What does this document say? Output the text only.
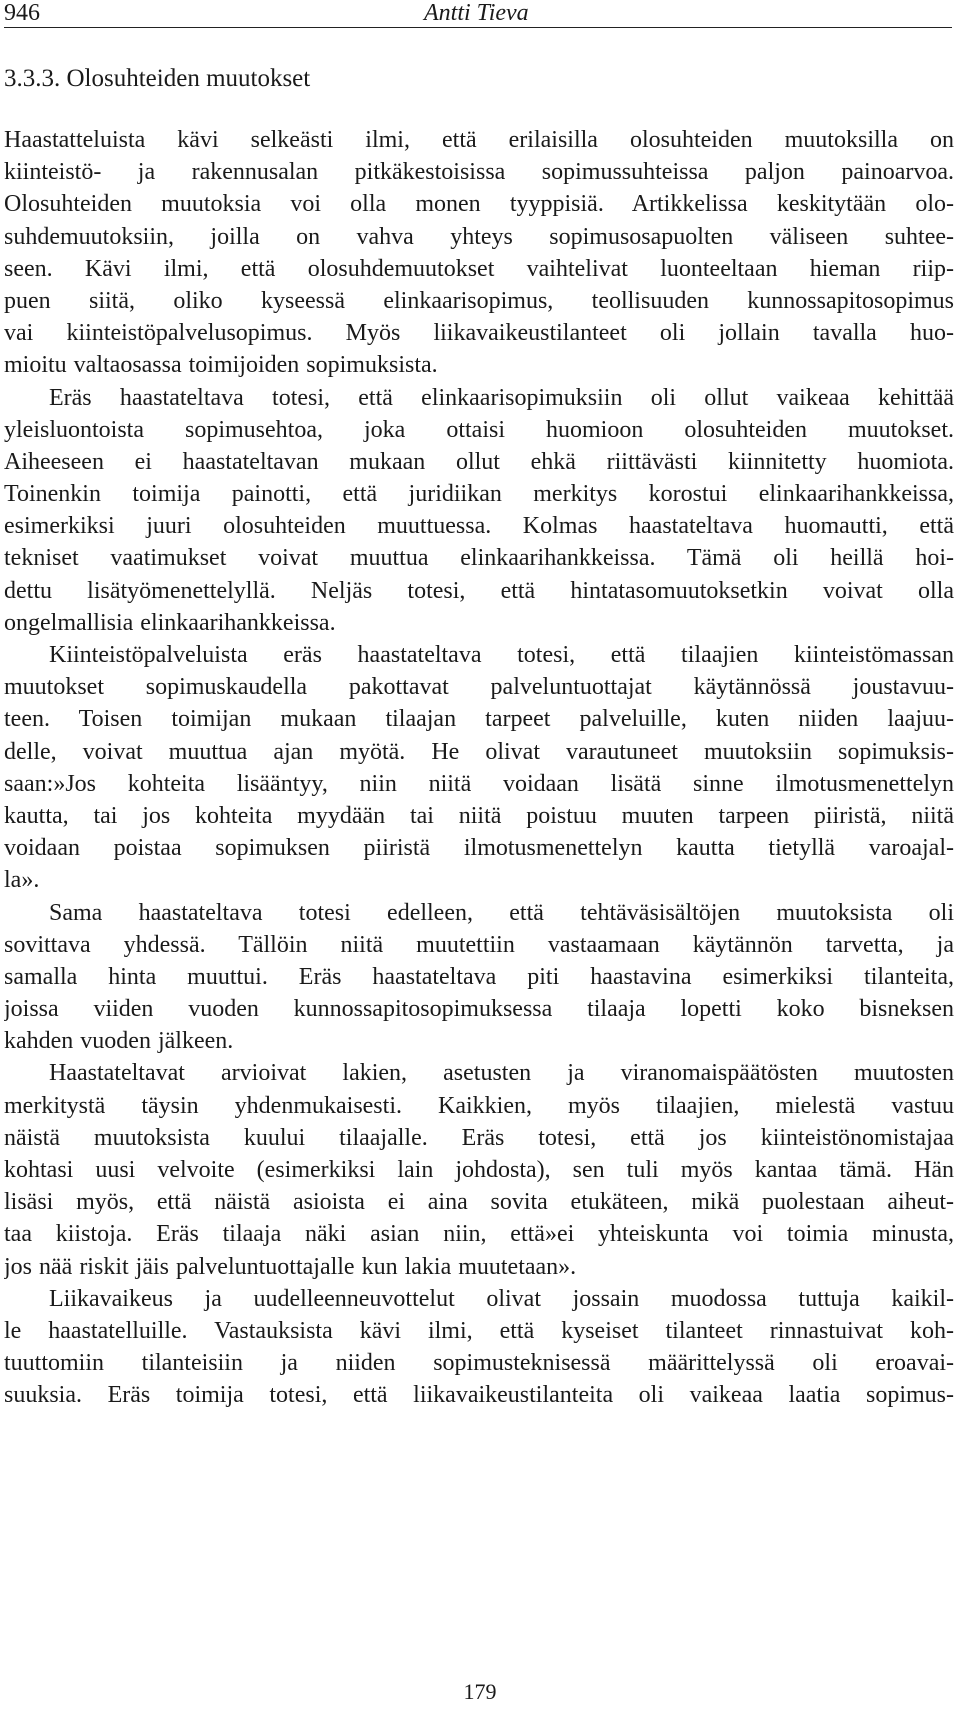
946	Antti Tieva
3.3.3. Olosuhteiden muutokset
Haastatteluista kävi selkeästi ilmi, että erilaisilla olosuhteiden muutoksilla on
kiinteistö- ja rakennusalan pitkäkestoisissa sopimussuhteissa paljon painoarvoa.
Olosuhteiden muutoksia voi olla monen tyyppisiä. Artikkelissa keskitytään olo-
suhdemuutoksiin, joilla on vahva yhteys sopimusosapuolten väliseen suhtee-
seen. Kävi ilmi, että olosuhdemuutokset vaihtelivat luonteeltaan hieman riip-
puen siitä, oliko kyseessä elinkaarisopimus, teollisuuden kunnossapitosopimus
vai kiinteistöpalvelusopimus. Myös liikavaikeustilanteet oli jollain tavalla huo-
mioitu valtaosassa toimijoiden sopimuksista.
Eräs haastateltava totesi, että elinkaarisopimuksiin oli ollut vaikeaa kehittää
yleisluontoista sopimusehtoa, joka ottaisi huomioon olosuhteiden muutokset.
Aiheeseen ei haastateltavan mukaan ollut ehkä riittävästi kiinnitetty huomiota.
Toinenkin toimija painotti, että juridiikan merkitys korostui elinkaarihankkeissa,
esimerkiksi juuri olosuhteiden muuttuessa. Kolmas haastateltava huomautti, että
tekniset vaatimukset voivat muuttua elinkaarihankkeissa. Tämä oli heillä hoi-
dettu lisätyömenettelyllä. Neljäs totesi, että hintatasomuutoksetkin voivat olla
ongelmallisia elinkaarihankkeissa.
Kiinteistöpalveluista eräs haastateltava totesi, että tilaajien kiinteistömassan
muutokset sopimuskaudella pakottavat palveluntuottajat käytännössä joustavuu-
teen. Toisen toimijan mukaan tilaajan tarpeet palveluille, kuten niiden laajuu-
delle, voivat muuttua ajan myötä. He olivat varautuneet muutoksiin sopimuksis-
saan:»Jos kohteita lisääntyy, niin niitä voidaan lisätä sinne ilmotusmenettelyn
kautta, tai jos kohteita myydään tai niitä poistuu muuten tarpeen piiristä, niitä
voidaan poistaa sopimuksen piiristä ilmotusmenettelyn kautta tietyllä varoajal-
la».
Sama haastateltava totesi edelleen, että tehtäväsisältöjen muutoksista oli
sovittava yhdessä. Tällöin niitä muutettiin vastaamaan käytännön tarvetta, ja
samalla hinta muuttui. Eräs haastateltava piti haastavina esimerkiksi tilanteita,
joissa viiden vuoden kunnossapitosopimuksessa tilaaja lopetti koko bisneksen
kahden vuoden jälkeen.
Haastateltavat arvioivat lakien, asetusten ja viranomaispäätösten muutosten
merkitystä täysin yhdenmukaisesti. Kaikkien, myös tilaajien, mielestä vastuu
näistä muutoksista kuului tilaajalle. Eräs totesi, että jos kiinteistönomistajaa
kohtasi uusi velvoite (esimerkiksi lain johdosta), sen tuli myös kantaa tämä. Hän
lisäsi myös, että näistä asioista ei aina sovita etukäteen, mikä puolestaan aiheut-
taa kiistoja. Eräs tilaaja näki asian niin, että»ei yhteiskunta voi toimia minusta,
jos nää riskit jäis palveluntuottajalle kun lakia muutetaan».
Liikavaikeus ja uudelleenneuvottelut olivat jossain muodossa tuttuja kaikil-
le haastatelluille. Vastauksista kävi ilmi, että kyseiset tilanteet rinnastuivat koh-
tuuttomiin tilanteisiin ja niiden sopimusteknisessä määrittelyssä oli eroavai-
suuksia. Eräs toimija totesi, että liikavaikeustilanteita oli vaikeaa laatia sopimus-
179
